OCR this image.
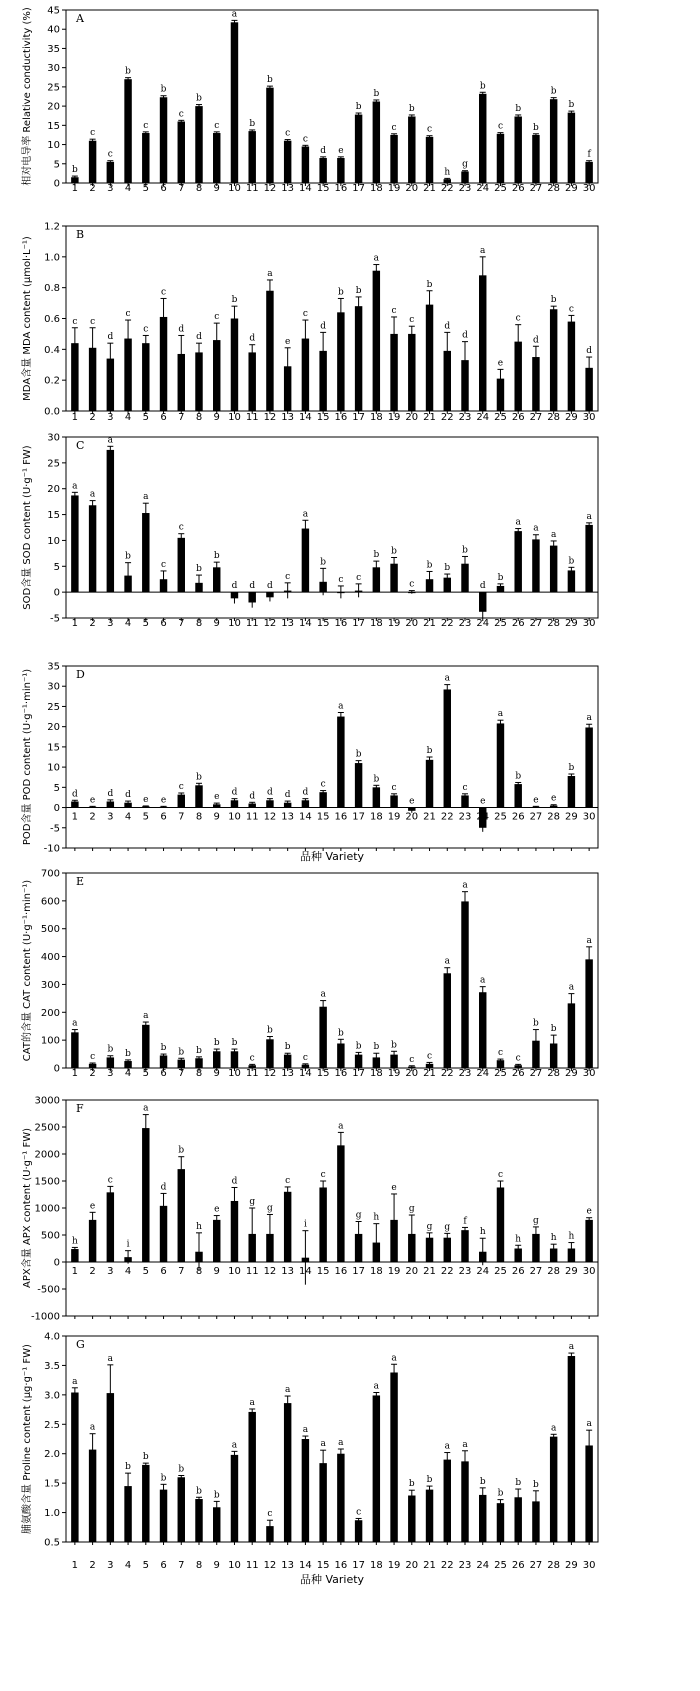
A
相对电导率 Relative conductivity (%) 0
5
10
15
20
25
30
35
40
45
b
1
c
2
c
3
b
4
c
5
b
6
c
7
b
8
c
9
a
10
b
11
b
12
c
13
c
14
d
15
e
16
b
17
b
18
c
19
b
20
c
21
h
22
g
23
b
24
c
25
b
26
b
27
b
28
b
29
f
30
B
MDA含量 MDA content (μmol·L⁻¹)
0.0
0.2
0.4
0.6
0.8
1.0
1.2
c
1
c
2
d
3
c
4
c
5
c
6
d
7
d
8
c
9
b
10
d
11
a
12
e
13
c
14
d
15
b
16
b
17
a
18
c
19
c
20
b
21
d
22
d
23
a
24
e
25
c
26
d
27
b
28
c
29
d
30
C
SOD含量 SOD content (U·g⁻¹ FW)
-5
0
5
10
15
20
25
30
a
1
a
2
a
3
b
4
a
5
c
6
c
7
b
8
b
9
d
10
d
11
d
12
c
13
a
14
b
15
c
16
c
17
b
18
b
19
c
20
b
21
b
22
b
23
d
24
b
25
a
26
a
27
a
28
b
29
a
30
D
POD含量 POD content (U·g⁻¹·min⁻¹)
品种 Variety
-10
-5
0
5
10
15
20
25
30
35
d
1
e
2
d
3
d
4
e
5
e
6
c
7
b
8
e
9
d
10
d
11
d
12
d
13
d
14
c
15
a
16
b
17
b
18
c
19
e
20
b
21
a
22
c
23
e
24
a
25
b
26
e
27
e
28
b
29
a
30
E
CAT的含量 CAT content (U·g⁻¹·min⁻¹)
0
100
200
300
400
500
600
700
a
1
c
2
b
3
b
4
a
5
b
6
b
7
b
8
b
9
b
10
c
11
b
12
b
13
c
14
a
15
b
16
b
17
b
18
b
19
c
20
c
21
a
22
a
23
a
24
c
25
c
26
b
27
b
28
a
29
a
30
F
APX含量 APX content (U·g⁻¹ FW)
-1000
-500
0
500
1000
1500
2000
2500
3000
h
1
e
2
c
3
i
4
a
5
d
6
b
7
h
8
e
9
d
10
g
11
g
12
c
13
i
14
c
15
a
16
g
17
h
18
e
19
g
20
g
21
g
22
f
23
h
24
c
25
h
26
g
27
h
28
h
29
e
30
G
脯氨酸含量 Proline content (μg·g⁻¹ FW)
品种 Variety
0.5
1.0
1.5
2.0
2.5
3.0
3.5
4.0
a
1
a
2
a
3
b
4
b
5
b
6
b
7
b
8
b
9
a
10
a
11
c
12
a
13
a
14
a
15
a
16
c
17
a
18
a
19
b
20
b
21
a
22
a
23
b
24
b
25
b
26
b
27
a
28
a
29
a
30
